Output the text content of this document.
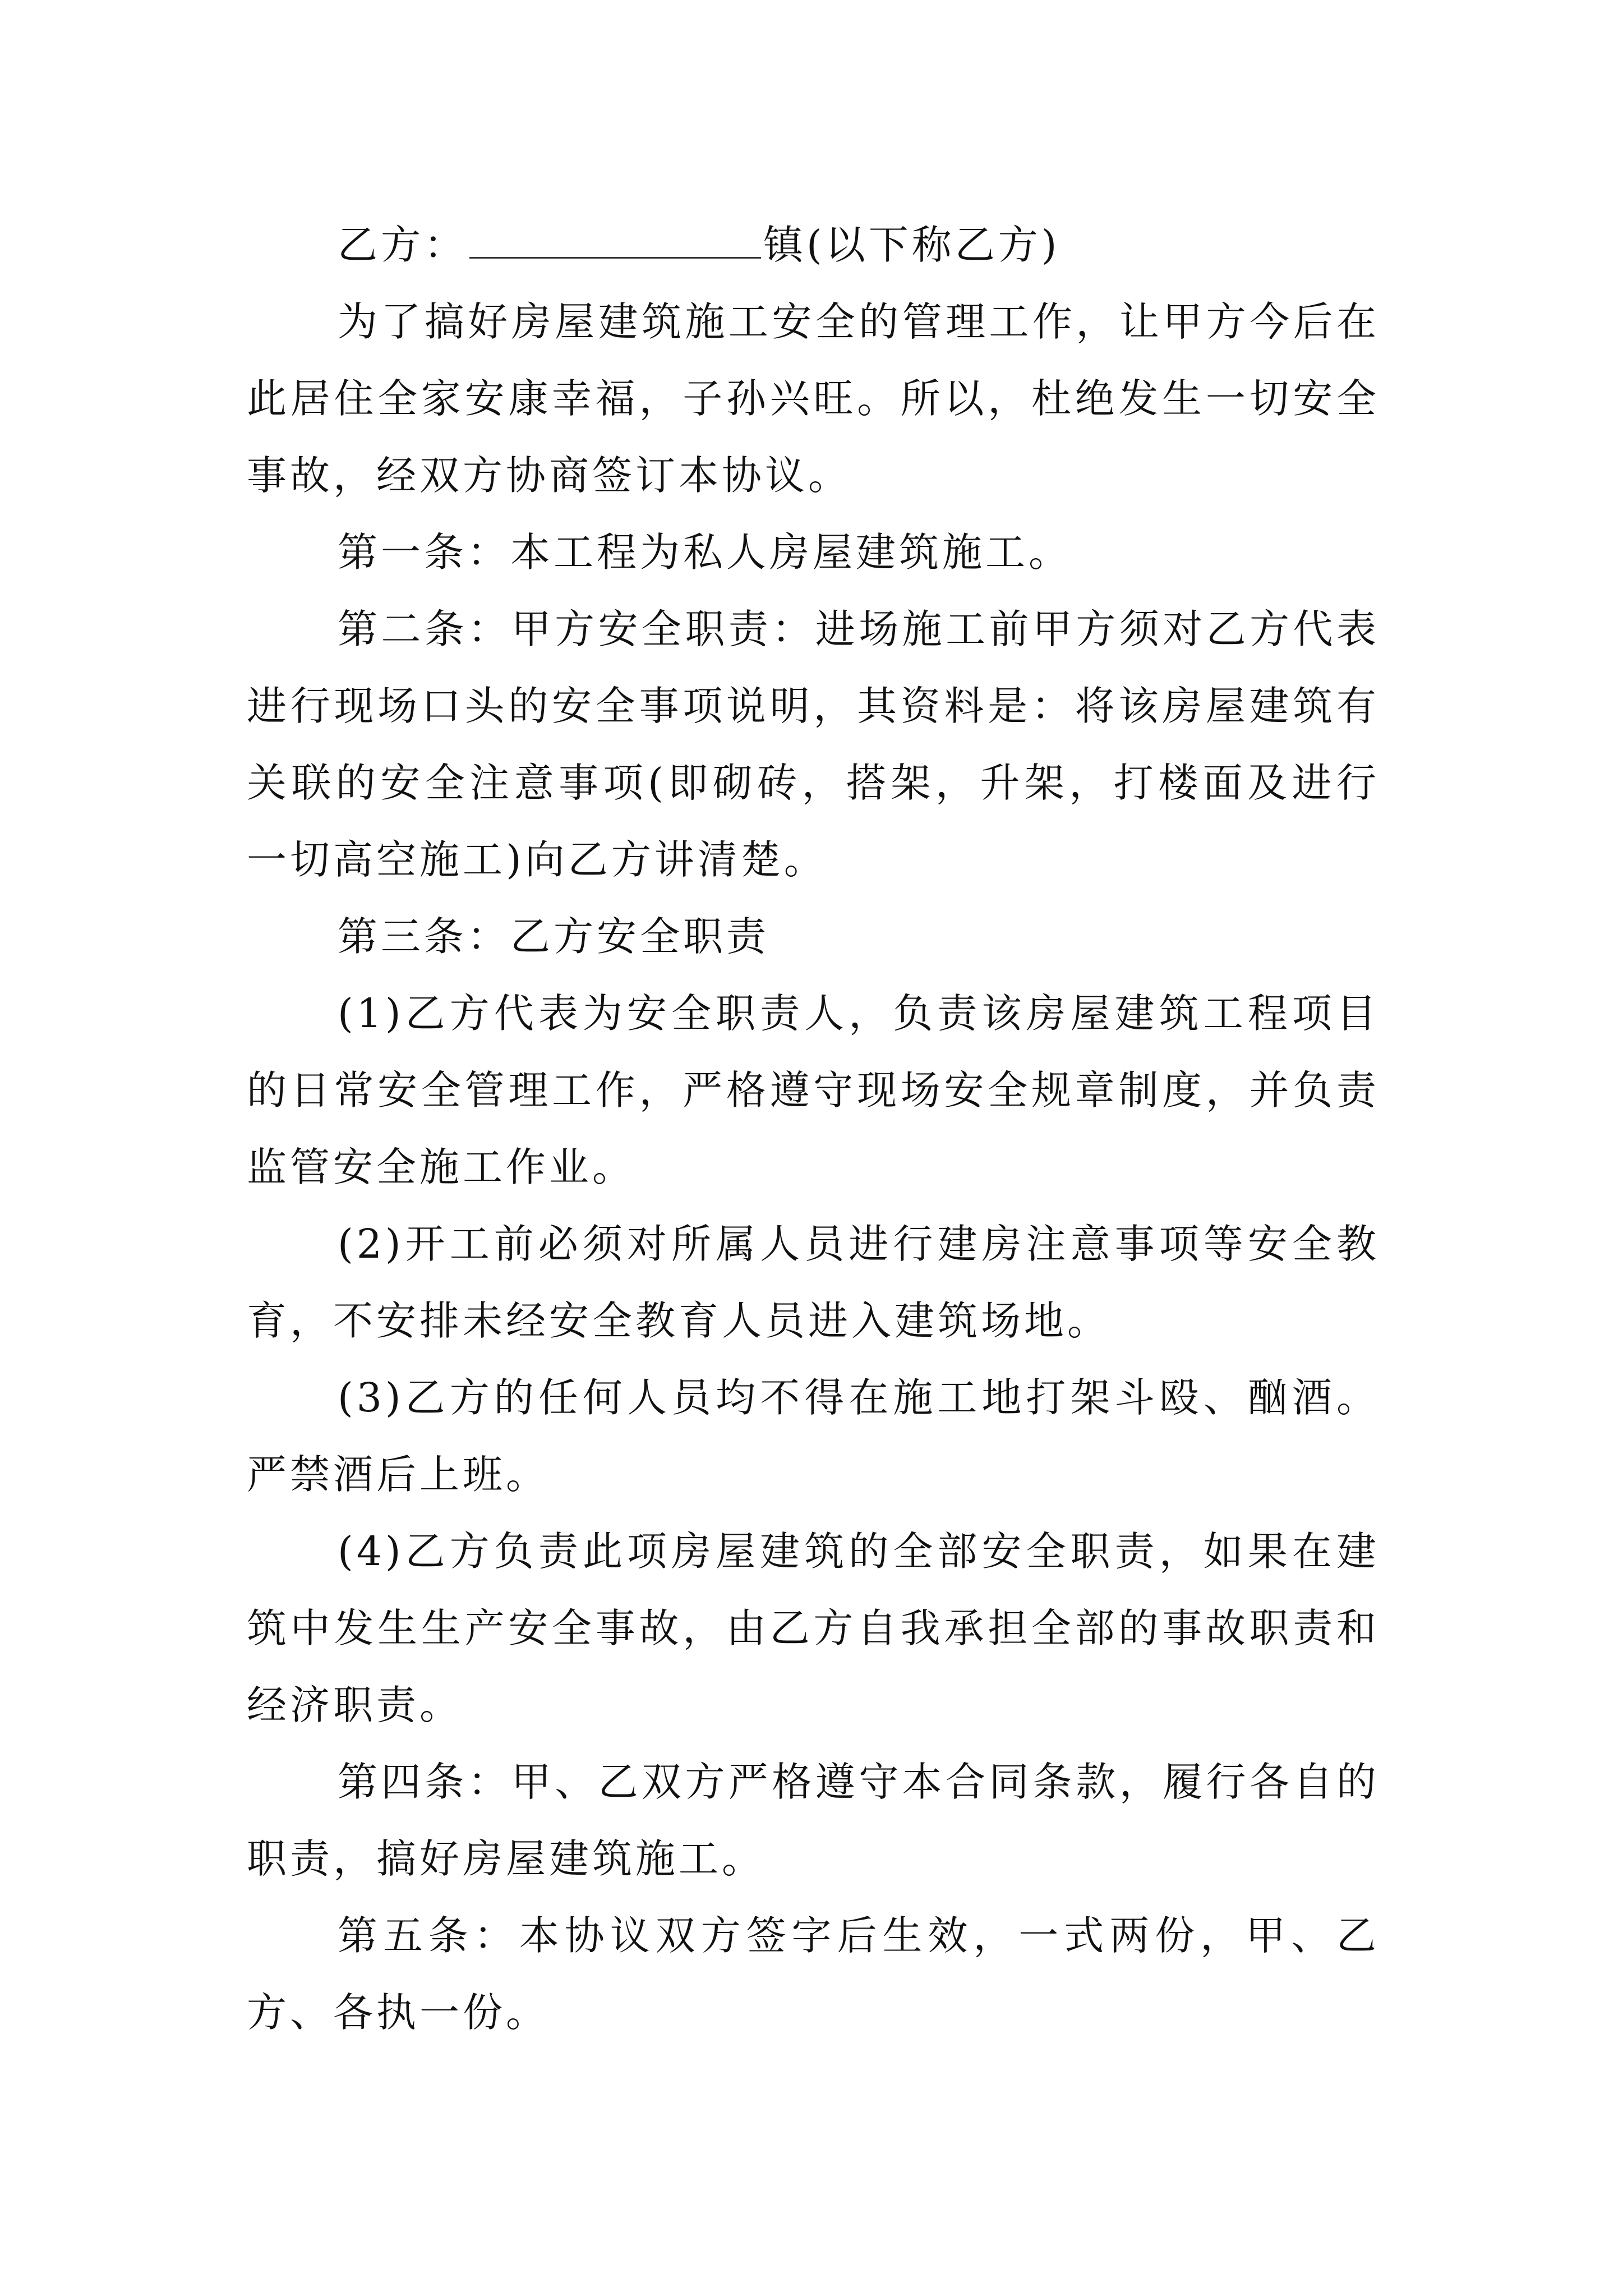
乙方：	镇(以下称乙方)

为了搞好房屋建筑施工安全的管理工作，让甲方今后在此居住全家安康幸福，子孙兴旺。所以，杜绝发生一切安全事故，经双方协商签订本协议。

第一条：本工程为私人房屋建筑施工。

第二条：甲方安全职责：进场施工前甲方须对乙方代表进行现场口头的安全事项说明，其资料是：将该房屋建筑有关联的安全注意事项(即砌砖，搭架，升架，打楼面及进行一切高空施工)向乙方讲清楚。

第三条：乙方安全职责

(1)乙方代表为安全职责人，负责该房屋建筑工程项目的日常安全管理工作，严格遵守现场安全规章制度，并负责监管安全施工作业。

(2)开工前必须对所属人员进行建房注意事项等安全教育，不安排未经安全教育人员进入建筑场地。

(3)乙方的任何人员均不得在施工地打架斗殴、酗酒。严禁酒后上班。

(4)乙方负责此项房屋建筑的全部安全职责，如果在建筑中发生生产安全事故，由乙方自我承担全部的事故职责和经济职责。

第四条：甲、乙双方严格遵守本合同条款，履行各自的职责，搞好房屋建筑施工。

第五条：本协议双方签字后生效，一式两份，甲、乙方、各执一份。
